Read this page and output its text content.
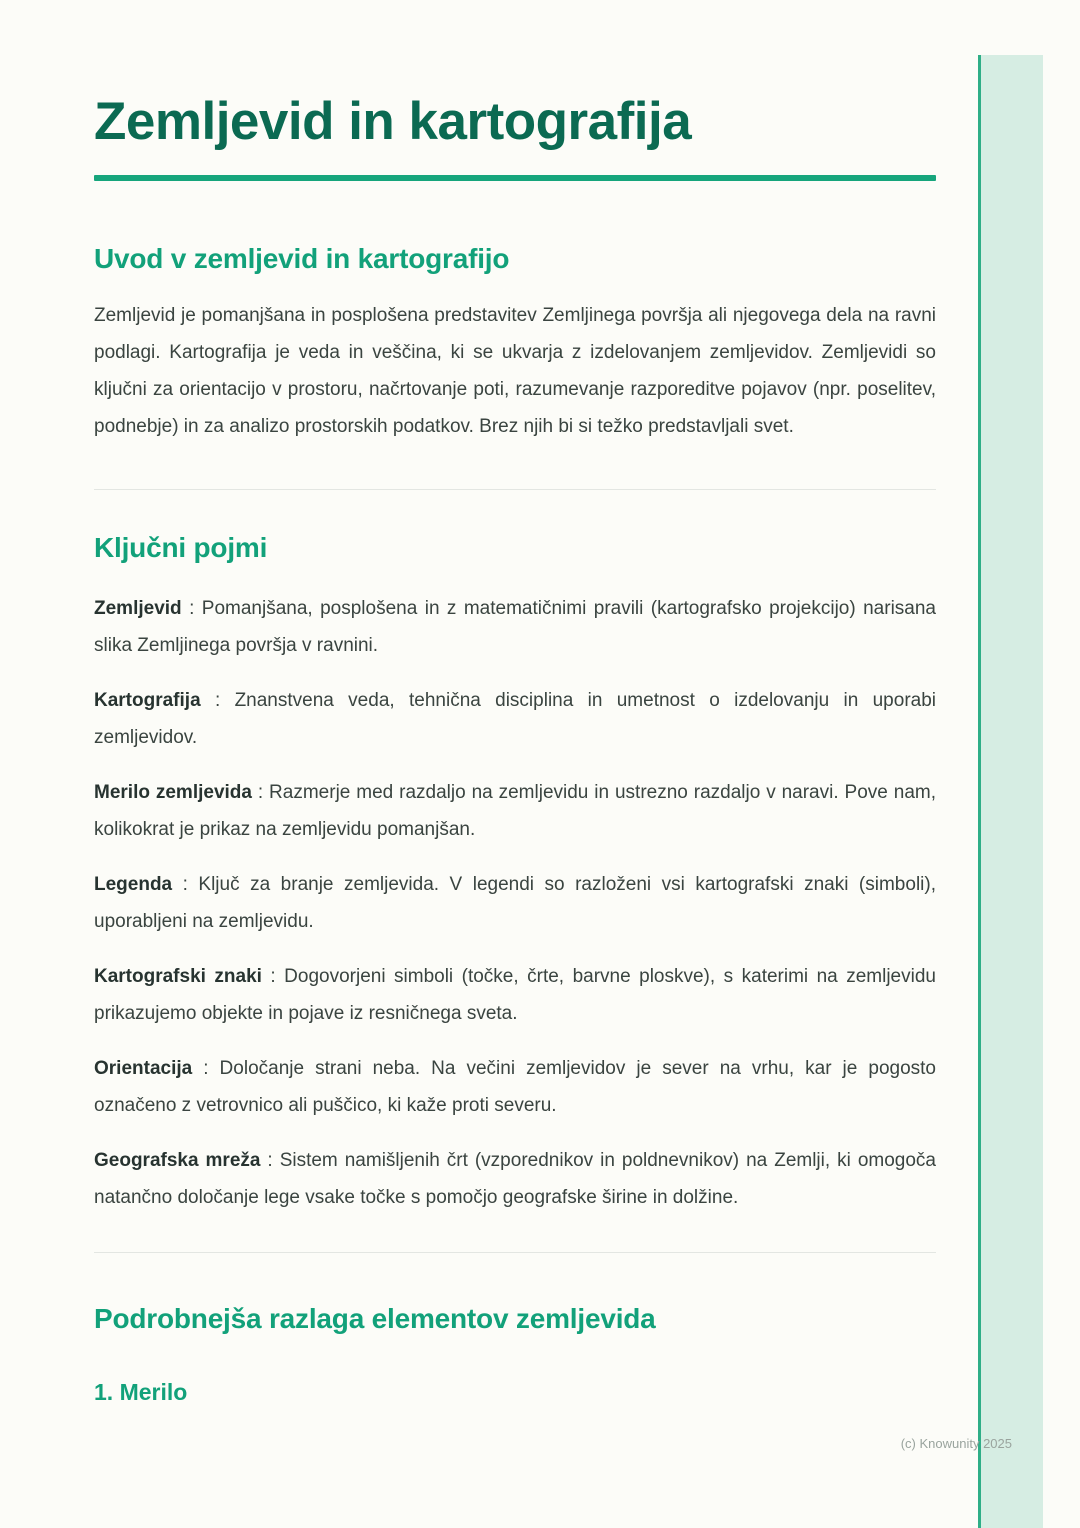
Zemljevid in kartografija
Uvod v zemljevid in kartografijo

Zemljevid je pomanjšana in posplošena predstavitev Zemljinega površja ali njegovega dela na ravni podlagi. Kartografija je veda in veščina, ki se ukvarja z izdelovanjem zemljevidov. Zemljevidi so ključni za orientacijo v prostoru, načrtovanje poti, razumevanje razporeditve pojavov (npr. poselitev, podnebje) in za analizo prostorskih podatkov. Brez njih bi si težko predstavljali svet.

Ključni pojmi

Zemljevid : Pomanjšana, posplošena in z matematičnimi pravili (kartografsko projekcijo) narisana slika Zemljinega površja v ravnini.

Kartografija : Znanstvena veda, tehnična disciplina in umetnost o izdelovanju in uporabi zemljevidov.

Merilo zemljevida : Razmerje med razdaljo na zemljevidu in ustrezno razdaljo v naravi. Pove nam, kolikokrat je prikaz na zemljevidu pomanjšan.

Legenda : Ključ za branje zemljevida. V legendi so razloženi vsi kartografski znaki (simboli), uporabljeni na zemljevidu.

Kartografski znaki : Dogovorjeni simboli (točke, črte, barvne ploskve), s katerimi na zemljevidu prikazujemo objekte in pojave iz resničnega sveta.

Orientacija : Določanje strani neba. Na večini zemljevidov je sever na vrhu, kar je pogosto označeno z vetrovnico ali puščico, ki kaže proti severu.

Geografska mreža : Sistem namišljenih črt (vzporednikov in poldnevnikov) na Zemlji, ki omogoča natančno določanje lege vsake točke s pomočjo geografske širine in dolžine.

Podrobnejša razlaga elementov zemljevida
1. Merilo
(c) Knowunity 2025
